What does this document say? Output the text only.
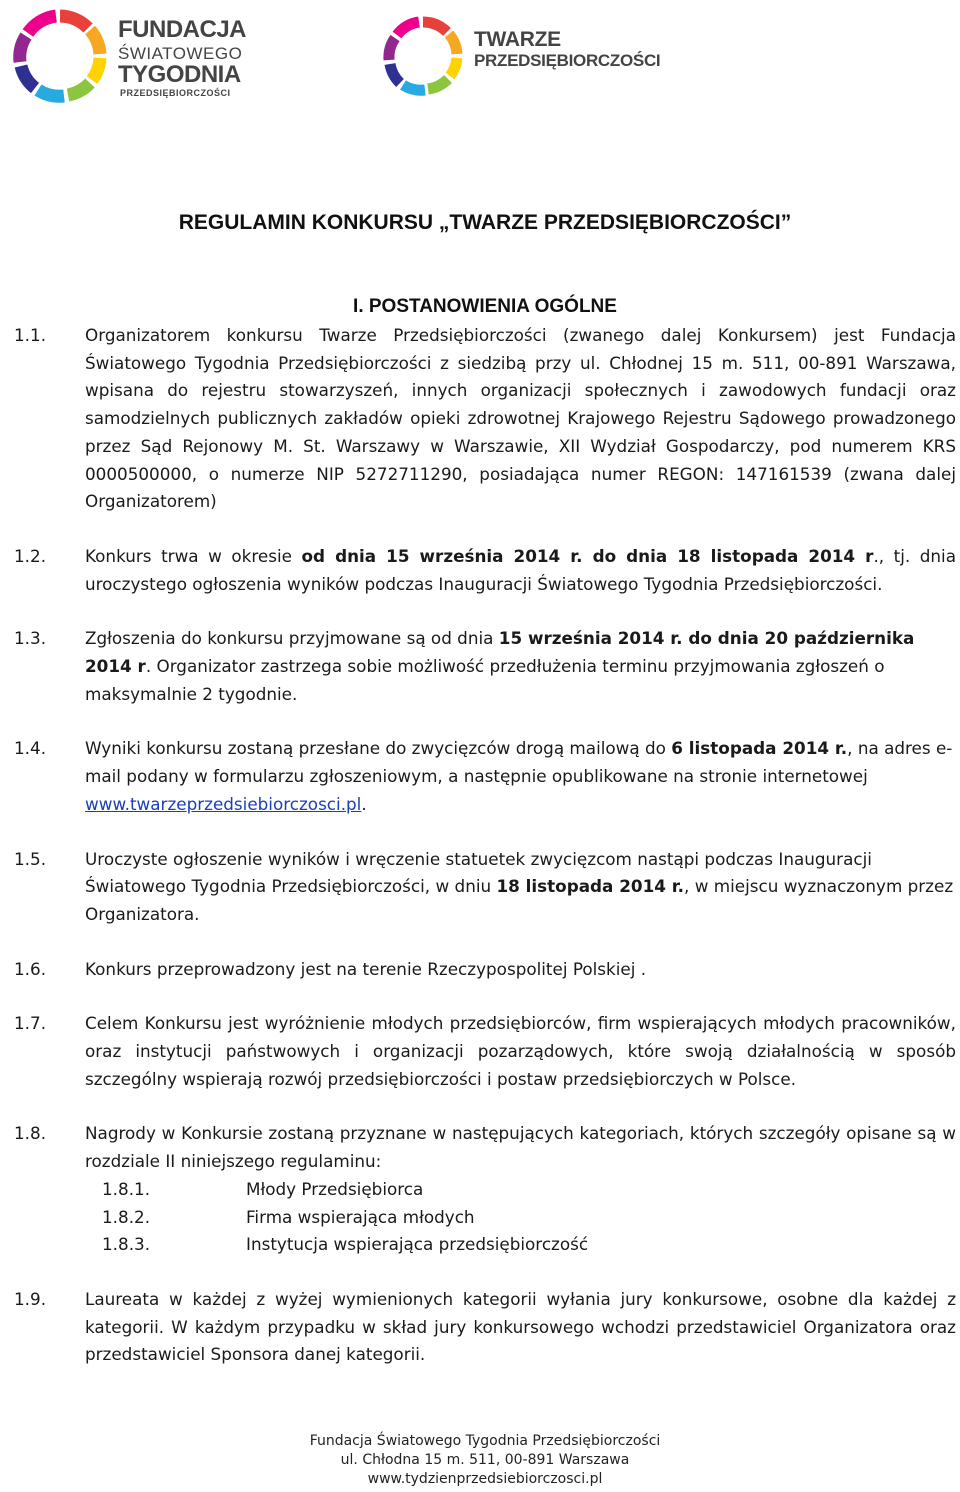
FUNDACJA
ŚWIATOWEGO
TYGODNIA
PRZEDSIĘBIORCZOŚCI
TWARZE
PRZEDSIĘBIORCZOŚCI
REGULAMIN KONKURSU „TWARZE PRZEDSIĘBIORCZOŚCI”
I. POSTANOWIENIA OGÓLNE
1.1. Organizatorem konkursu Twarze Przedsiębiorczości (zwanego dalej Konkursem) jest Fundacja Światowego Tygodnia Przedsiębiorczości z siedzibą przy ul. Chłodnej 15 m. 511, 00-891 Warszawa, wpisana do rejestru stowarzyszeń, innych organizacji społecznych i zawodowych fundacji oraz samodzielnych publicznych zakładów opieki zdrowotnej Krajowego Rejestru Sądowego prowadzonego przez Sąd Rejonowy M. St. Warszawy w Warszawie, XII Wydział Gospodarczy, pod numerem KRS 0000500000, o numerze NIP 5272711290, posiadająca numer REGON: 147161539 (zwana dalej Organizatorem)
1.2. Konkurs trwa w okresie od dnia 15 września 2014 r. do dnia 18 listopada 2014 r., tj. dnia uroczystego ogłoszenia wyników podczas Inauguracji Światowego Tygodnia Przedsiębiorczości.
1.3. Zgłoszenia do konkursu przyjmowane są od dnia 15 września 2014 r. do dnia 20 października 2014 r. Organizator zastrzega sobie możliwość przedłużenia terminu przyjmowania zgłoszeń o maksymalnie 2 tygodnie.
1.4. Wyniki konkursu zostaną przesłane do zwycięzców drogą mailową do 6 listopada 2014 r., na adres e-mail podany w formularzu zgłoszeniowym, a następnie opublikowane na stronie internetowej www.twarzeprzedsiebiorczosci.pl.
1.5. Uroczyste ogłoszenie wyników i wręczenie statuetek zwycięzcom nastąpi podczas Inauguracji Światowego Tygodnia Przedsiębiorczości, w dniu 18 listopada 2014 r., w miejscu wyznaczonym przez Organizatora.
1.6. Konkurs przeprowadzony jest na terenie Rzeczypospolitej Polskiej .
1.7. Celem Konkursu jest wyróżnienie młodych przedsiębiorców, firm wspierających młodych pracowników, oraz instytucji państwowych i organizacji pozarządowych, które swoją działalnością w sposób szczególny wspierają rozwój przedsiębiorczości i postaw przedsiębiorczych w Polsce.
1.8. Nagrody w Konkursie zostaną przyznane w następujących kategoriach, których szczegóły opisane są w rozdziale II niniejszego regulaminu:
1.8.1.	Młody Przedsiębiorca
1.8.2.	Firma wspierająca młodych
1.8.3.	Instytucja wspierająca przedsiębiorczość
1.9. Laureata w każdej z wyżej wymienionych kategorii wyłania jury konkursowe, osobne dla każdej z kategorii. W każdym przypadku w skład jury konkursowego wchodzi przedstawiciel Organizatora oraz przedstawiciel Sponsora danej kategorii.
Fundacja Światowego Tygodnia Przedsiębiorczości
ul. Chłodna 15 m. 511, 00-891 Warszawa
www.tydzienprzedsiebiorczosci.pl
